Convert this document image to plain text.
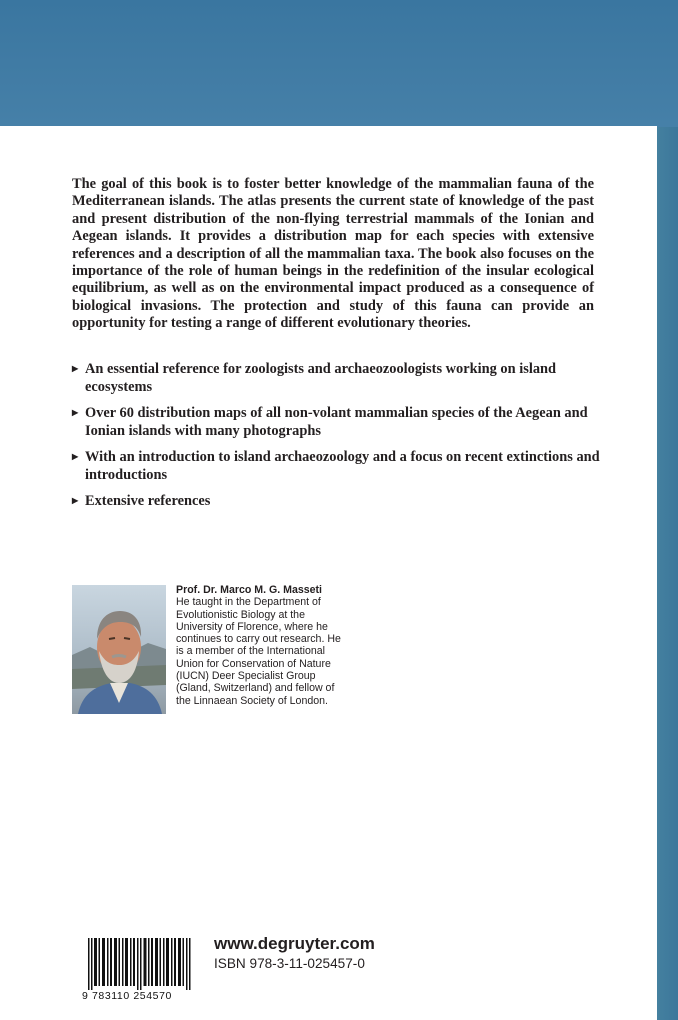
The goal of this book is to foster better knowledge of the mammalian fauna of the Mediterranean islands. The atlas presents the current state of knowledge of the past and present distribution of the non-flying terrestrial mammals of the Ionian and Aegean islands. It provides a distribution map for each species with extensive references and a description of all the mammalian taxa. The book also focuses on the importance of the role of human beings in the redefinition of the insular ecological equilibrium, as well as on the environmental impact produced as a consequence of biological invasions. The protection and study of this fauna can provide an opportunity for testing a range of different evolutionary theories.

▶ An essential reference for zoologists and archaeozoologists working on island ecosystems
▶ Over 60 distribution maps of all non-volant mammalian species of the Aegean and Ionian islands with many photographs
▶ With an introduction to island archaeozoology and a focus on recent extinctions and introductions
▶ Extensive references
Prof. Dr. Marco M. G. Masseti
He taught in the Department of Evolutionistic Biology at the University of Florence, where he continues to carry out research. He is a member of the International Union for Conservation of Nature (IUCN) Deer Specialist Group (Gland, Switzerland) and fellow of the Linnaean Society of London.
9 783110 254570
www.degruyter.com
ISBN 978-3-11-025457-0
